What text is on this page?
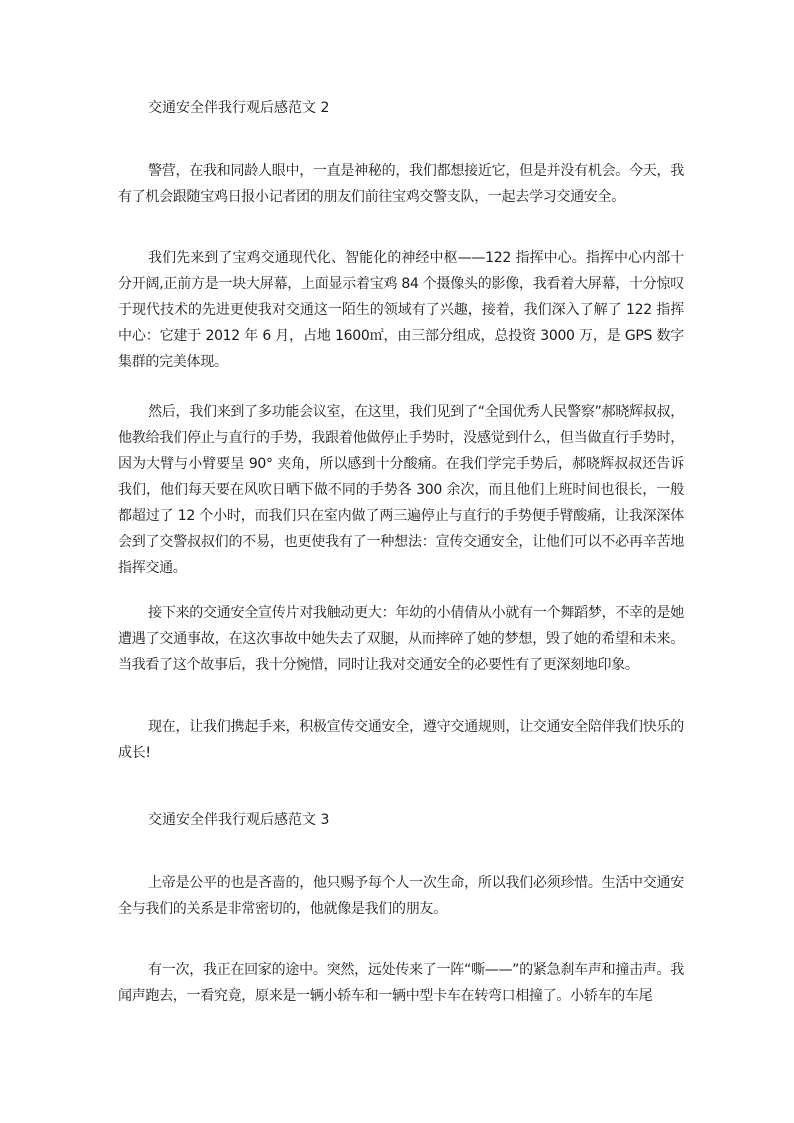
交通安全伴我行观后感范文 2

警营，在我和同龄人眼中，一直是神秘的，我们都想接近它，但是并没有机会。今天，我有了机会跟随宝鸡日报小记者团的朋友们前往宝鸡交警支队，一起去学习交通安全。

我们先来到了宝鸡交通现代化、智能化的神经中枢——122 指挥中心。指挥中心内部十分开阔,正前方是一块大屏幕，上面显示着宝鸡 84 个摄像头的影像，我看着大屏幕，十分惊叹于现代技术的先进更使我对交通这一陌生的领域有了兴趣，接着，我们深入了解了 122 指挥中心：它建于 2012 年 6 月，占地 1600㎡，由三部分组成，总投资 3000 万，是 GPS 数字集群的完美体现。

然后，我们来到了多功能会议室，在这里，我们见到了“全国优秀人民警察”郝晓辉叔叔，他教给我们停止与直行的手势，我跟着他做停止手势时，没感觉到什么，但当做直行手势时，因为大臂与小臂要呈 90° 夹角，所以感到十分酸痛。在我们学完手势后，郝晓辉叔叔还告诉我们，他们每天要在风吹日晒下做不同的手势各 300 余次，而且他们上班时间也很长，一般都超过了 12 个小时，而我们只在室内做了两三遍停止与直行的手势便手臂酸痛，让我深深体会到了交警叔叔们的不易，也更使我有了一种想法：宣传交通安全，让他们可以不必再辛苦地指挥交通。

接下来的交通安全宣传片对我触动更大：年幼的小倩倩从小就有一个舞蹈梦，不幸的是她遭遇了交通事故，在这次事故中她失去了双腿，从而摔碎了她的梦想，毁了她的希望和未来。当我看了这个故事后，我十分惋惜，同时让我对交通安全的必要性有了更深刻地印象。

现在，让我们携起手来，积极宣传交通安全，遵守交通规则，让交通安全陪伴我们快乐的成长!

交通安全伴我行观后感范文 3

上帝是公平的也是吝啬的，他只赐予每个人一次生命，所以我们必须珍惜。生活中交通安全与我们的关系是非常密切的，他就像是我们的朋友。

有一次，我正在回家的途中。突然，远处传来了一阵“嘶——”的紧急刹车声和撞击声。我闻声跑去，一看究竟，原来是一辆小轿车和一辆中型卡车在转弯口相撞了。小轿车的车尾
